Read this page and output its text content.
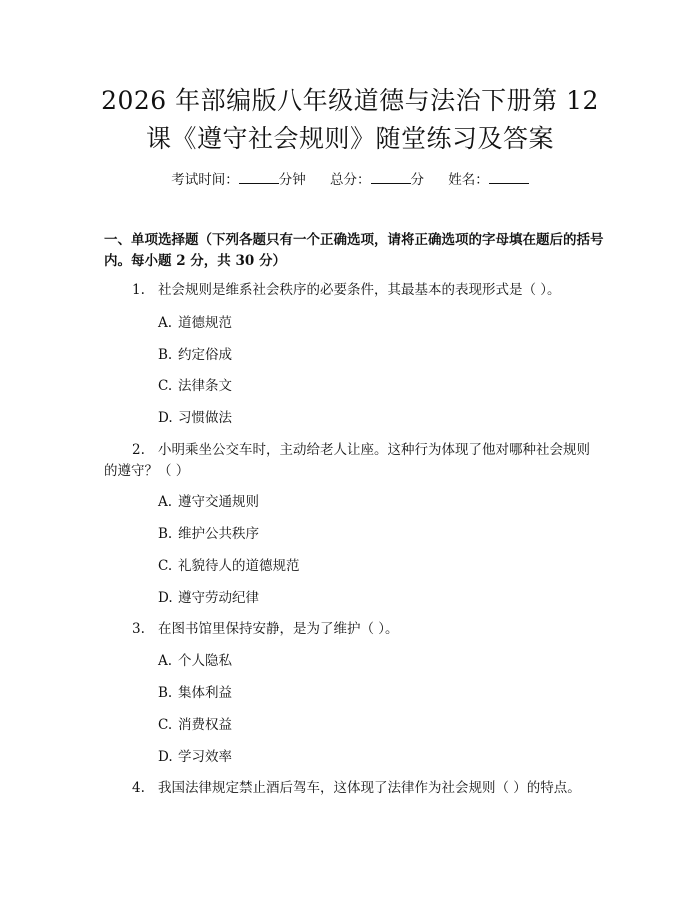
2026 年部编版八年级道德与法治下册第 12
课《遵守社会规则》随堂练习及答案
考试时间：	分钟 总分：	分 姓名：
一、单项选择题（下列各题只有一个正确选项，请将正确选项的字母填在题后的括号内。每小题 2 分，共 30 分）
1. 社会规则是维系社会秩序的必要条件，其最基本的表现形式是（ ）。
A. 道德规范
B. 约定俗成
C. 法律条文
D. 习惯做法
2. 小明乘坐公交车时，主动给老人让座。这种行为体现了他对哪种社会规则的遵守？（ ）
A. 遵守交通规则
B. 维护公共秩序
C. 礼貌待人的道德规范
D. 遵守劳动纪律
3. 在图书馆里保持安静，是为了维护（ ）。
A. 个人隐私
B. 集体利益
C. 消费权益
D. 学习效率
4. 我国法律规定禁止酒后驾车，这体现了法律作为社会规则（ ）的特点。
